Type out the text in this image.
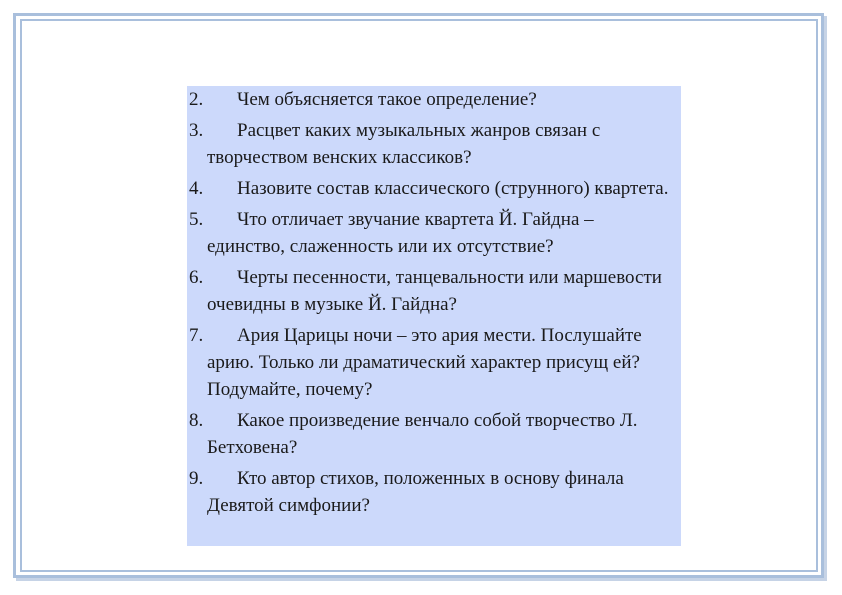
2. Чем объясняется такое определение?
3. Расцвет каких музыкальных жанров связан с творчеством венских классиков?
4. Назовите состав классического (струнного) квартета.
5. Что отличает звучание квартета Й. Гайдна – единство, слаженность или их отсутствие?
6. Черты песенности, танцевальности или маршевости очевидны в музыке Й. Гайдна?
7. Ария Царицы ночи – это ария мести. Послушайте арию. Только ли драматический характер присущ ей? Подумайте, почему?
8. Какое произведение венчало собой творчество Л. Бетховена?
9. Кто автор стихов, положенных в основу финала Девятой симфонии?
